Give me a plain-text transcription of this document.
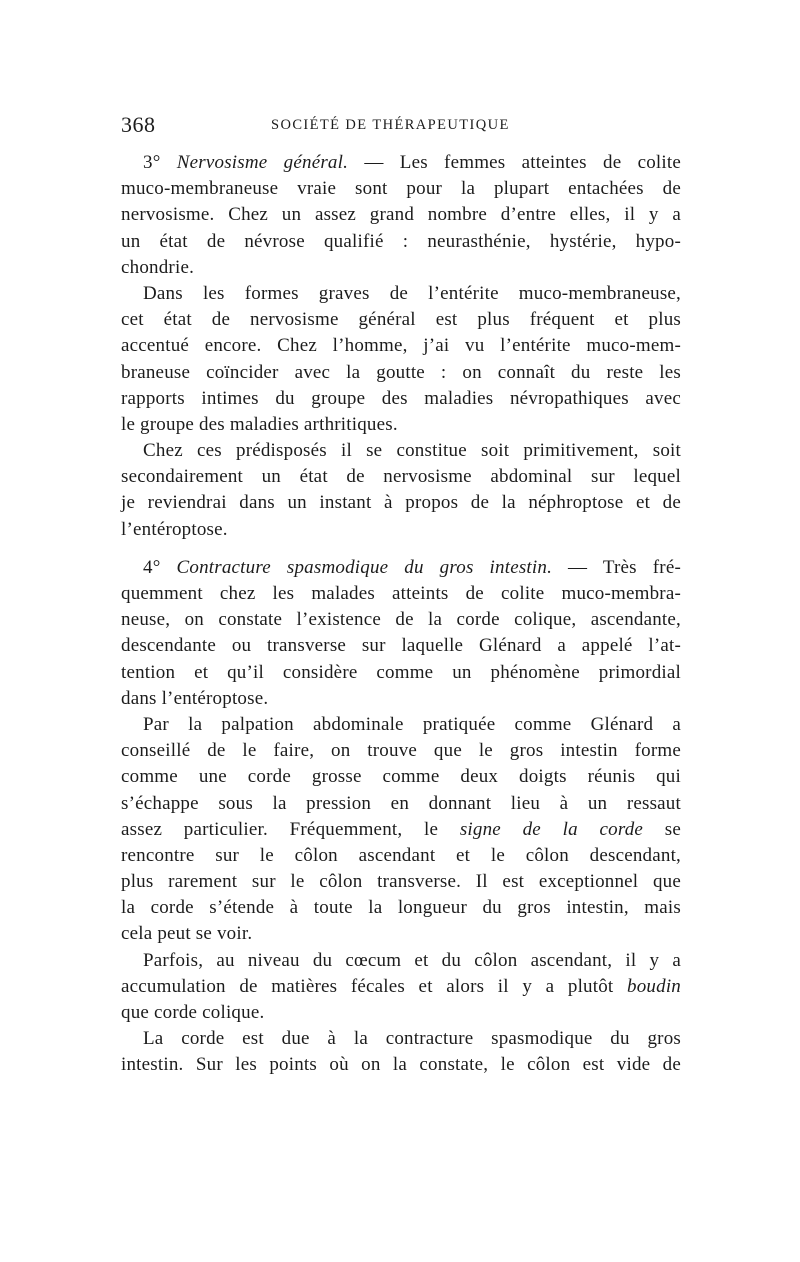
368	SOCIÉTÉ DE THÉRAPEUTIQUE
3° Nervosisme général. — Les femmes atteintes de colite
muco-membraneuse vraie sont pour la plupart entachées de
nervosisme. Chez un assez grand nombre d’entre elles, il y a
un état de névrose qualifié : neurasthénie, hystérie, hypo-
chondrie.
Dans les formes graves de l’entérite muco-membraneuse,
cet état de nervosisme général est plus fréquent et plus
accentué encore. Chez l’homme, j’ai vu l’entérite muco-mem-
braneuse coïncider avec la goutte : on connaît du reste les
rapports intimes du groupe des maladies névropathiques avec
le groupe des maladies arthritiques.
Chez ces prédisposés il se constitue soit primitivement, soit
secondairement un état de nervosisme abdominal sur lequel
je reviendrai dans un instant à propos de la néphroptose et de
l’entéroptose.
4° Contracture spasmodique du gros intestin. — Très fré-
quemment chez les malades atteints de colite muco-membra-
neuse, on constate l’existence de la corde colique, ascendante,
descendante ou transverse sur laquelle Glénard a appelé l’at-
tention et qu’il considère comme un phénomène primordial
dans l’entéroptose.
Par la palpation abdominale pratiquée comme Glénard a
conseillé de le faire, on trouve que le gros intestin forme
comme une corde grosse comme deux doigts réunis qui
s’échappe sous la pression en donnant lieu à un ressaut
assez particulier. Fréquemment, le signe de la corde se
rencontre sur le côlon ascendant et le côlon descendant,
plus rarement sur le côlon transverse. Il est exceptionnel que
la corde s’étende à toute la longueur du gros intestin, mais
cela peut se voir.
Parfois, au niveau du cœcum et du côlon ascendant, il y a
accumulation de matières fécales et alors il y a plutôt boudin
que corde colique.
La corde est due à la contracture spasmodique du gros
intestin. Sur les points où on la constate, le côlon est vide de
